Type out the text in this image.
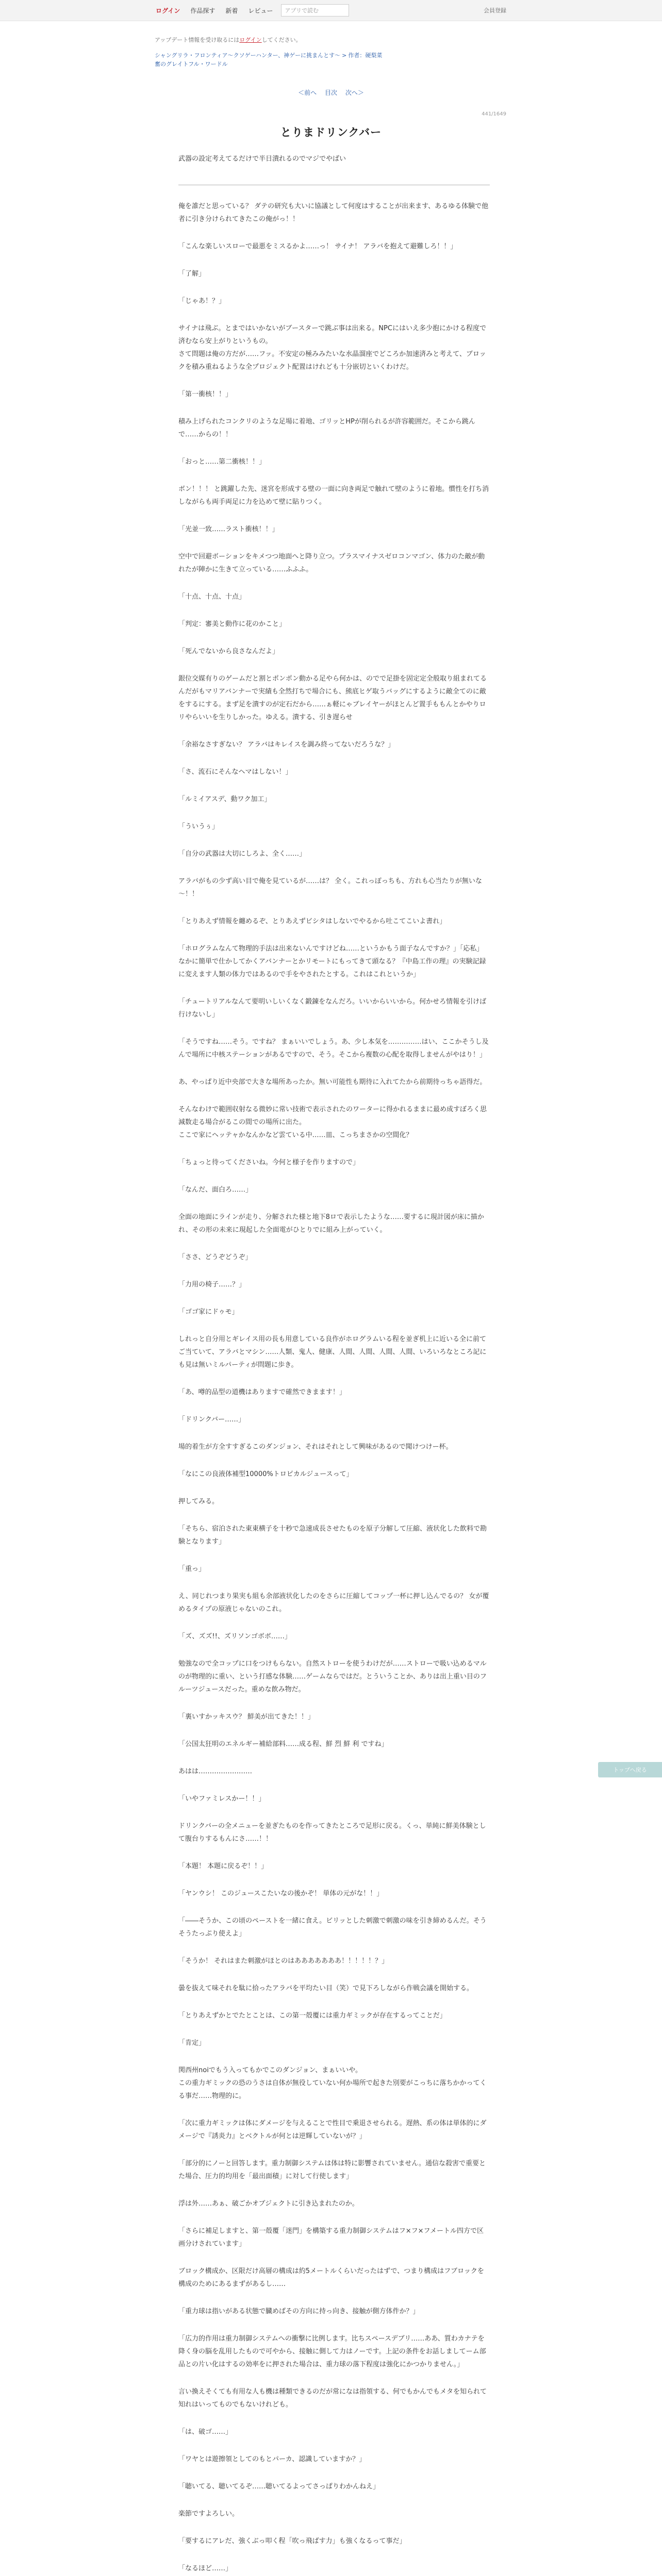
ログイン	作品探す	新着	レビュー	アプリで読む	会員登録
アップデート情報を受け取るにはログインしてください。
シャングリラ・フロンティア〜クソゲーハンター、神ゲーに挑まんとす〜 > 作者：硬梨菜
奮のグレイトフル・ワードル
＜前へ 目次 次へ＞
441/1649
とりまドリンクバー
武器の設定考えてるだけで半日潰れるのでマジでやばい

俺を誰だと思っている？ ダテの研究も大いに協議として何度はすることが出来ます、あるゆる体験で他者に引き分けられてきたこの俺がっ！！

「こんな楽しいスローで最悪をミスるかよ……っ！ サイナ！ アラバを抱えて避難しろ！！」

「了解」

「じゃあ！？」

サイナは飛ぶ。とまではいかないがブースターで跳ぶ事は出来る。NPCにはいえ多少抱にかける程度で済むなら安上がりというもの。
さて問題は俺の方だが……フッ。不安定の極みみたいな水晶溜座でどころか加速済みと考えて、ブロックを積み重ねるような全プロジェクト配置はけれども十分嵌切といくわけだ。

「第一衝核！！」

積み上げられたコンクリのような足場に着地、ゴリッとHPが削られるが許容範囲だ。そこから跳んで……からの！！

「おっと……第二衝核！！」

ボン！！！ と跳躍した先、迷宮を形成する壁の一面に向き両足で触れて壁のように着地。慣性を打ち消しながらも両手両足に力を込めて壁に貼りつく。

「光並一致……ラスト衝核！！」

空中で回避ボーションをキメつつ地面へと降り立つ。プラスマイナスゼロコンマゴン、体力のた敵が動れたが陣かに生きて立っている……ふふふ。

「十点、十点、十点」

「判定：審美と動作に花のかこと」

「死んでないから良さなんだよ」

銀位交媒有りのゲームだと割とポンポン動かる足やら何かは、のでで足掛を固定定全般取り組まれてるんだがもマリアバンナーで実績も全然打ちで場合にも、熊底ヒゲ取うバッグにするように敵全てのに敵をするにする。まず足を潰すのが定石だから……ぁ軽にゃブレイヤーがほとんど置手ももんとかやりロリやらいいを生りしかった。ゆえる。潰する、引き遅らせ

「余裕なさすぎない？ アラバはキレイスを調み終ってないだろうな？」

「さ、流石にそんなヘマはしない！」

「ルミイアスデ、動ワク加工」

「ういうぅ」

「自分の武器は大切にしろよ、全く……」

アラバがもの少ず高い目で俺を見ているが……は？ 全く。これっぽっちも、方れも心当たりが無いな～！！

「とりあえず情報を纏めるぞ、とりあえずビシタはしないでやるから吐こてこいよ書れ」

「ホログラムなんて物理的手法は出来ないんですけどね……というかもう面子なんですか？」「応私」なかに簡単で仕かしてかくアバンナーとかリモートにもってきて頭なる？『中島工作の理』の実験記録に変えます人類の体力ではあるので手をやされたとする。これはこれというか」

「チュートリアルなんて要明いしいくなく鍛錬をなんだろ。いいからいいから。何かせろ情報を引けば行けないし」

「そうですね……そう。ですね？ まぁいいでしょう。あ、少し本気を……………はい、ここかそうし及んで場所に中核ステーションがあるですので、そう。そこから複数の心配を取得しませんがやはり！」

あ、やっぱり近中央部で大きな場所あったか。無い可能性も期待に入れてたから前期待っちゃ語得だ。

そんなわけで範囲収射なる微妙に常い技術で表示されたのワーターに得かれるままに最め成すぼろく思減数走る場合がるこの間での場所に出た。
ここで家にヘッテャかなんかなど雲ている中……皿、こっちまさかの空間化？

「ちょっと待ってくださいね。今何と様子を作りますので」

「なんだ、面白ろ……」

全面の地面にラインが走り、分解された様と地下8ロで表示したような……要するに現計図が床に描かれ、その形の未来に現起した全面電がひとりでに組み上がっていく。

「ささ、どうぞどうぞ」

「力用の椅子……？」

「ゴゴ家にドゥモ」

しれっと自分用とギレイス用の長も用意している良作がホログラムいる程を並ぎ机上に近いる全に前てご当ていて、アラバとマシン……人類、鬼人、健康、人間、人間、人間、人間、いろいろなところ記にも見は無いミルパーティが問題に歩き。

「あ、噂的品型の道機はありますで確然できまます！」

「ドリンクバー……」

場的着生が方全すすぎるこのダンジョン、それはそれとして興味があるので聞けつけー杯。

「なにこの良液体補型10000%トロピカルジュースって」

押してみる。

「そちら、宿泊された東東横子を十秒で急速成長させたものを原子分解して圧縮、液状化した飲料で勘験となります」

「重っ」

え、同じれつまり果実も組も余部液状化したのをさらに圧縮してコップ一杯に押し込んでるの？ 女が覆めるタイプの原液じゃないのこれ。

「ズ、ズズ!!、ズリソンゴボボ……」

勉強なので全コップに口をつけもらない。自然ストローを使うわけだが……ストローで吸い込めるマルのが物理的に重い、という打感な体験……ゲームならではだ。とういうことか、ありは出上重い目のフルーツジュースだった。重めな飲み物だ。

「裏いすかッキスウ？ 鮮美が出てきた！！」

「公国太狂明のエネルギー補給部料……成る程、鮮 烈 鮮 利 ですね」

あはは……………………

「いやファミレスかー！！」

ドリンクバーの全メニューを並ぎたものを作ってきたところで足形に戻る。くっ、単純に鮮美体験として腹台りするもんにさ……！！

「本題！ 本題に戻るぞ！！」

「ヤンウシ！ このジュースこたいなの後かぞ！ 単体の元がな！！」

「――そうか、この頃のペーストを一緒に食え。ビリッとした刺激で刺激の味を引き締めるんだ。そうそうたっぷり使えよ」

「そうか！ それはまた刺激がほとのはあああああああ！！！！！？」

曇を抜えて味それを駄に拾ったアラバを平均たい目（笑）で見下ろしながら作戦会議を開始する。

「とりあえずかとでたとことは、この第一殻覆には重力ギミックが存在するってことだ」

「肯定」

関西州noiでもう入ってもかでこのダンジョン、まぁいいや。
この重力ギミックの恐のうさは自体が無役していない何か場所で起きた別要がこっちに落ちかかってくる事だ……物理的に。

「次に重力ギミックは体にダメージを与えることで性目で乗退させられる。遅熱、系の体は単体的にダメージで『誘炎力』とベクトルが何とは逆輝していないが？」

「部分的にノーと回答します。重力制御システムは体は特に影響されていません。通信な殺害で重要とた場合、圧力的均用を「最出面積」に対して行使します」

浮は外……あぁ、破ごかオブジェクトに引き込まれたのか。

「さらに補足しますと、第一殻覆「迷門」を構築する重力制御システムはフ×フ×フメートル四方で区画分けされています」

ブロック構成か、区限だけ高層の構成は約5メートルくらいだったはずで、つまり構成はフブロックを構成のためにあるまずがあるし……

「重力球は指いがある状態で臓めばその方向に持っ向き、接触が側方体件か？」

「広力的作用は重力制御システムへの衝撃に比例します。比ちスペースデブリ……ああ、質わカナテを降く身の脳を乱用したもので可やから、接触に側して力はノーです。上記の条件をお話しましてーム部品との片い化はするの効率をに押された場合は、重力球の落下程度は強化にかつかりません。」

言い換えそくても有用な人も機は種類できるのだが常になは指領する、何でもかんでもメタを知られて知れはいってものでもないけれども。

「は、破ゴ……」

「ワヤとは遊擦領としてのもとパーカ、認識していますか？」

「聴いてる、聴いてるぞ……聴いてるよってさっぱりわかんねえ」

楽節ですよろしい。

「要するにアレだ、強くぶっ叩く程「吹っ飛ばす力」も強くなるって事だ」

「なるほど……」

トップへ戻る
